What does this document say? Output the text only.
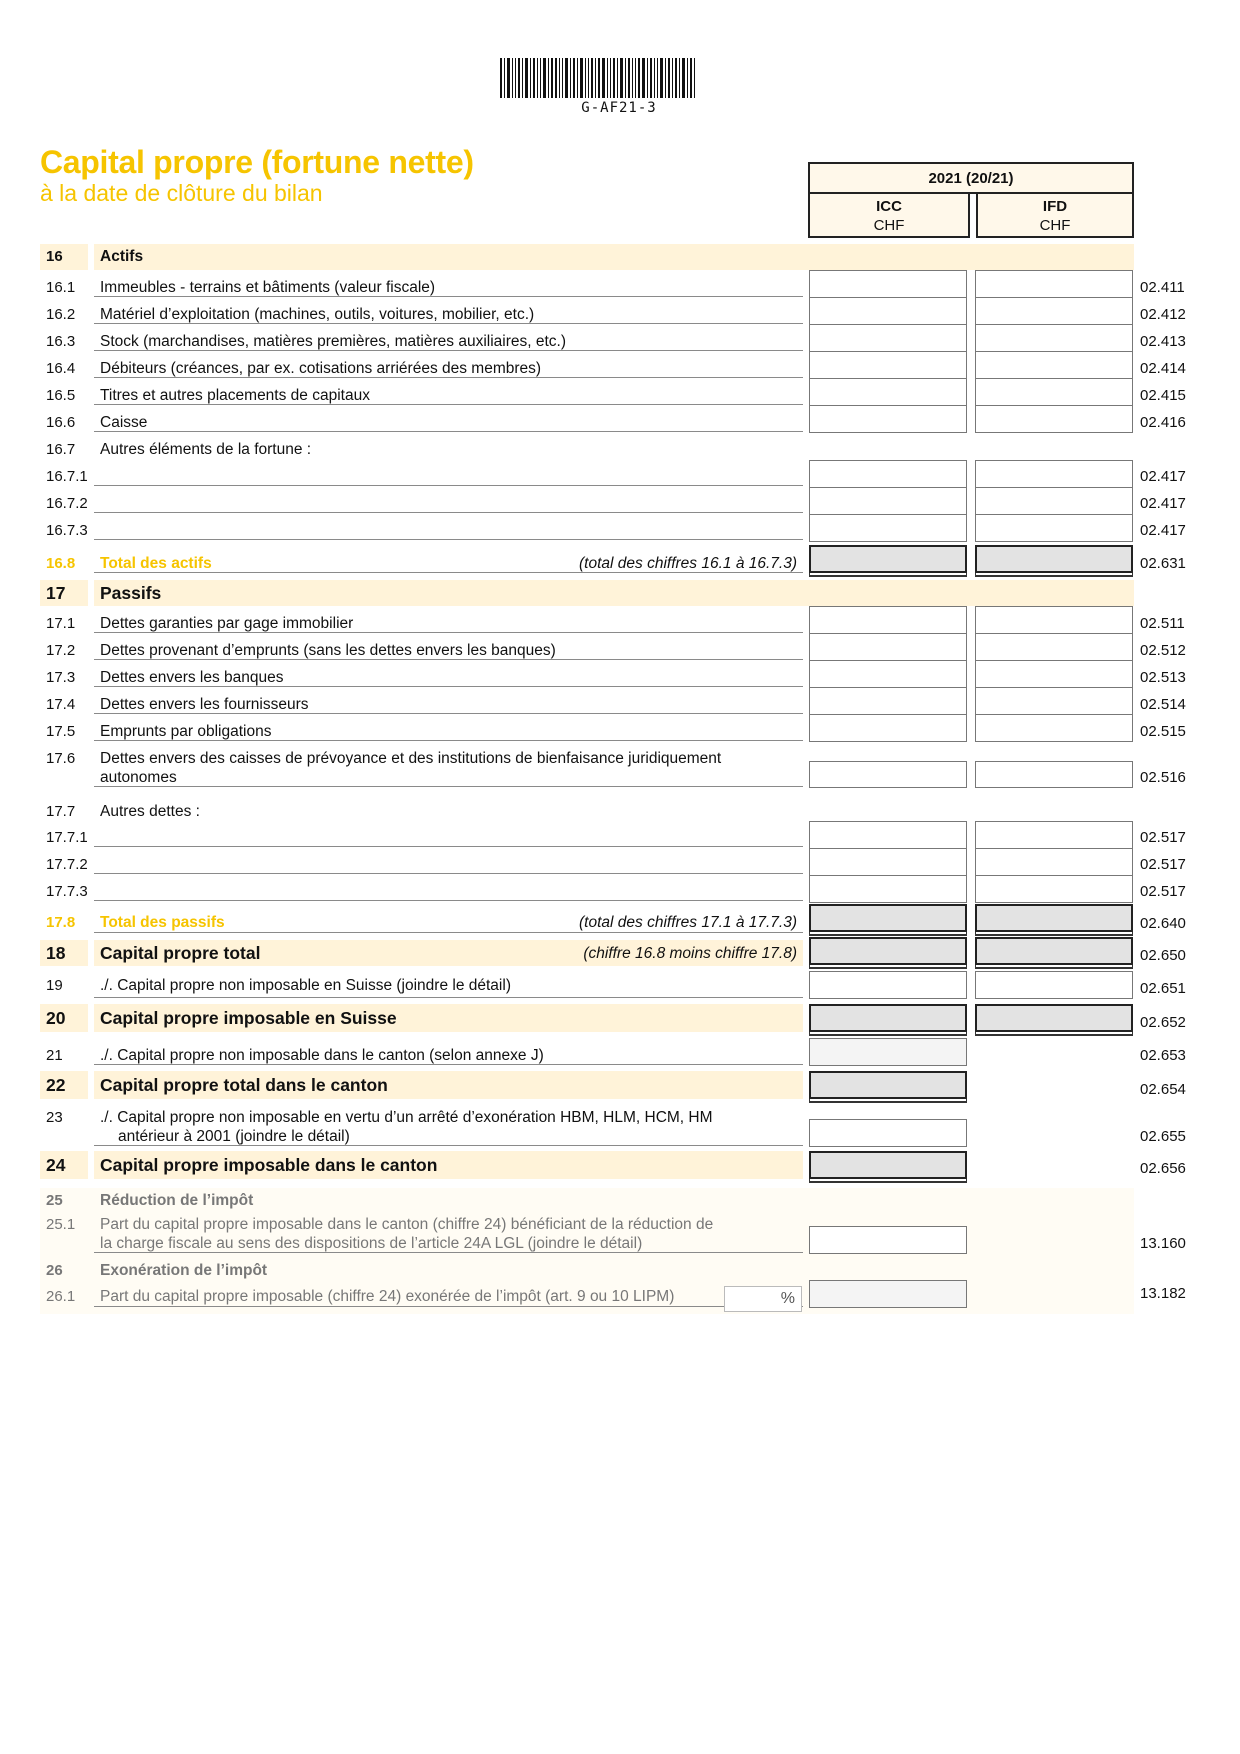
G-AF21-3
Capital propre (fortune nette)
à la date de clôture du bilan
2021 (20/21)
ICC
CHF
IFD
CHF
16 Actifs
16.1 Immeubles - terrains et bâtiments (valeur fiscale)	02.411
16.2 Matériel d’exploitation (machines, outils, voitures, mobilier, etc.)	02.412
16.3 Stock (marchandises, matières premières, matières auxiliaires, etc.)	02.413
16.4 Débiteurs (créances, par ex. cotisations arriérées des membres)	02.414
16.5 Titres et autres placements de capitaux	02.415
16.6 Caisse	02.416
16.7 Autres éléments de la fortune :
16.7.1	02.417
16.7.2	02.417
16.7.3	02.417
16.8 Total des actifs	(total des chiffres 16.1 à 16.7.3)	02.631
17 Passifs
17.1 Dettes garanties par gage immobilier	02.511
17.2 Dettes provenant d’emprunts (sans les dettes envers les banques)	02.512
17.3 Dettes envers les banques	02.513
17.4 Dettes envers les fournisseurs	02.514
17.5 Emprunts par obligations	02.515
17.6 Dettes envers des caisses de prévoyance et des institutions de bienfaisance juridiquement
autonomes	02.516
17.7 Autres dettes :
17.7.1	02.517
17.7.2	02.517
17.7.3	02.517
17.8 Total des passifs	(total des chiffres 17.1 à 17.7.3)	02.640
18 Capital propre total	(chiffre 16.8 moins chiffre 17.8)	02.650
19 ./. Capital propre non imposable en Suisse (joindre le détail)	02.651
20 Capital propre imposable en Suisse	02.652
21 ./. Capital propre non imposable dans le canton (selon annexe J)	02.653
22 Capital propre total dans le canton	02.654
23 ./. Capital propre non imposable en vertu d’un arrêté d’exonération HBM, HLM, HCM, HM
antérieur à 2001 (joindre le détail)	02.655
24 Capital propre imposable dans le canton	02.656
25 Réduction de l’impôt
25.1 Part du capital propre imposable dans le canton (chiffre 24) bénéficiant de la réduction de
la charge fiscale au sens des dispositions de l’article 24A LGL (joindre le détail)	13.160
26 Exonération de l’impôt
26.1 Part du capital propre imposable (chiffre 24) exonérée de l’impôt (art. 9 ou 10 LIPM)	%	13.182
